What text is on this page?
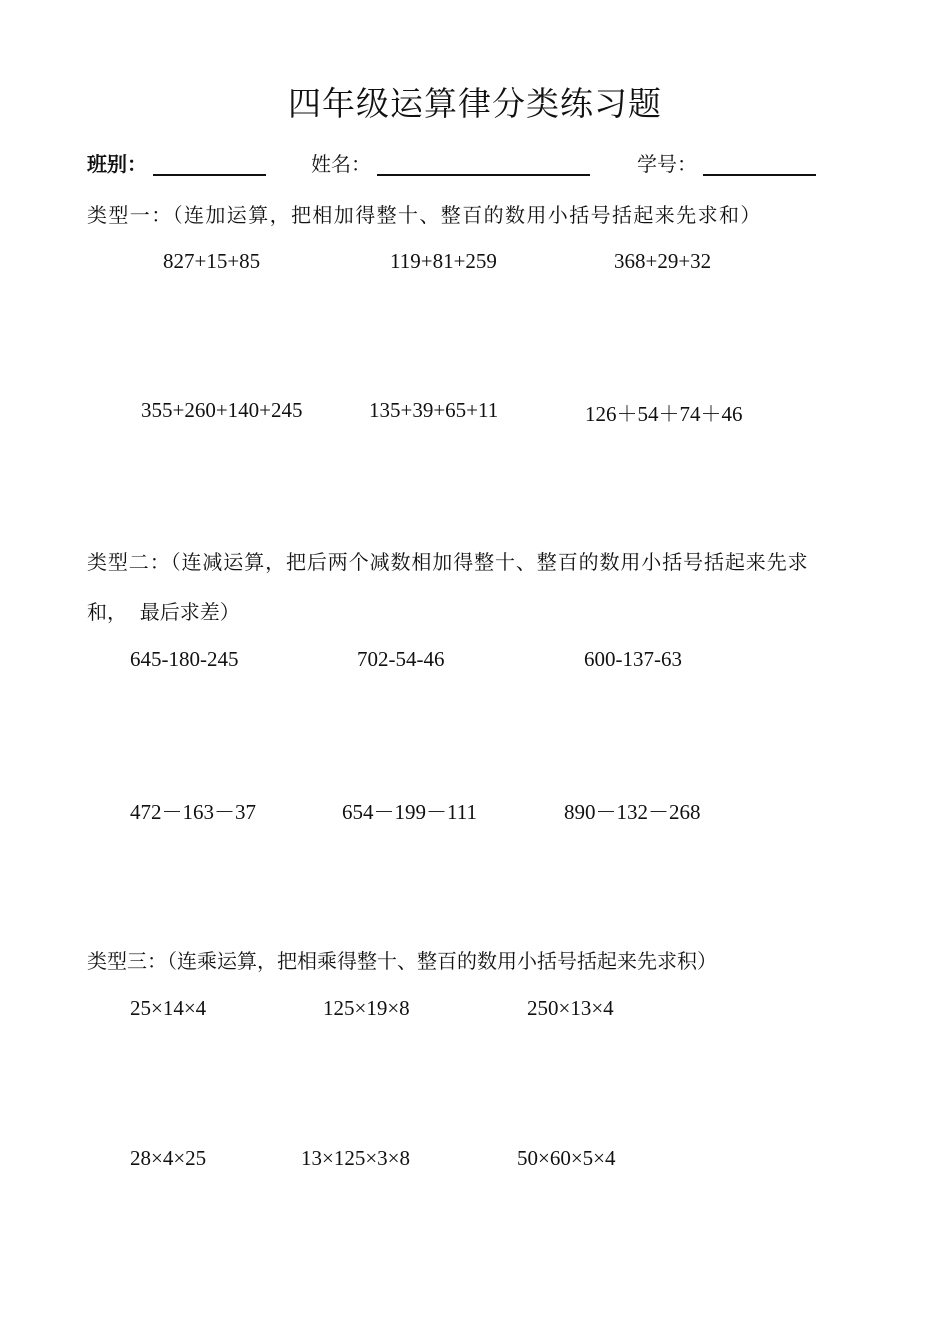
四年级运算律分类练习题
班别：	姓名：	学号：
类型一：（连加运算，把相加得整十、整百的数用小括号括起来先求和）
827+15+85	119+81+259	368+29+32
355+260+140+245	135+39+65+11	126＋54＋74＋46
类型二：（连减运算，把后两个减数相加得整十、整百的数用小括号括起来先求
和，  最后求差）
645-180-245	702-54-46	600-137-63
472－163－37	654－199－111	890－132－268
类型三：（连乘运算，把相乘得整十、整百的数用小括号括起来先求积）
25×14×4	125×19×8	250×13×4
28×4×25	13×125×3×8	50×60×5×4
